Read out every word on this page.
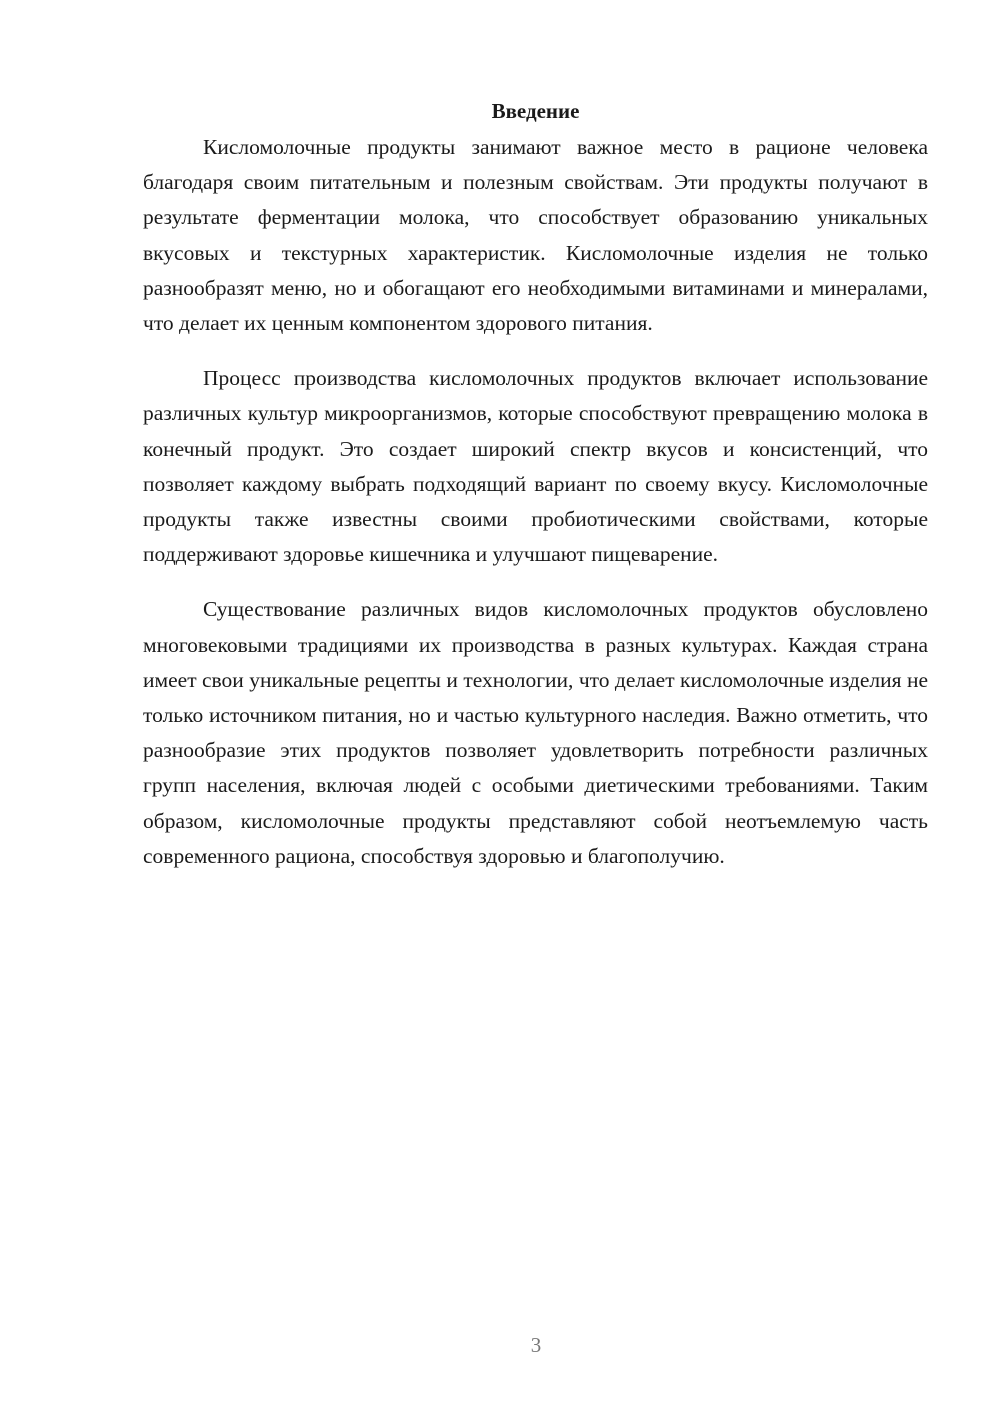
Введение

Кисломолочные продукты занимают важное место в рационе человека благодаря своим питательным и полезным свойствам. Эти продукты получают в результате ферментации молока, что способствует образованию уникальных вкусовых и текстурных характеристик. Кисломолочные изделия не только разнообразят меню, но и обогащают его необходимыми витаминами и минералами, что делает их ценным компонентом здорового питания.

Процесс производства кисломолочных продуктов включает использование различных культур микроорганизмов, которые способствуют превращению молока в конечный продукт. Это создает широкий спектр вкусов и консистенций, что позволяет каждому выбрать подходящий вариант по своему вкусу. Кисломолочные продукты также известны своими пробиотическими свойствами, которые поддерживают здоровье кишечника и улучшают пищеварение.

Существование различных видов кисломолочных продуктов обусловлено многовековыми традициями их производства в разных культурах. Каждая страна имеет свои уникальные рецепты и технологии, что делает кисломолочные изделия не только источником питания, но и частью культурного наследия. Важно отметить, что разнообразие этих продуктов позволяет удовлетворить потребности различных групп населения, включая людей с особыми диетическими требованиями. Таким образом, кисломолочные продукты представляют собой неотъемлемую часть современного рациона, способствуя здоровью и благополучию.

3
